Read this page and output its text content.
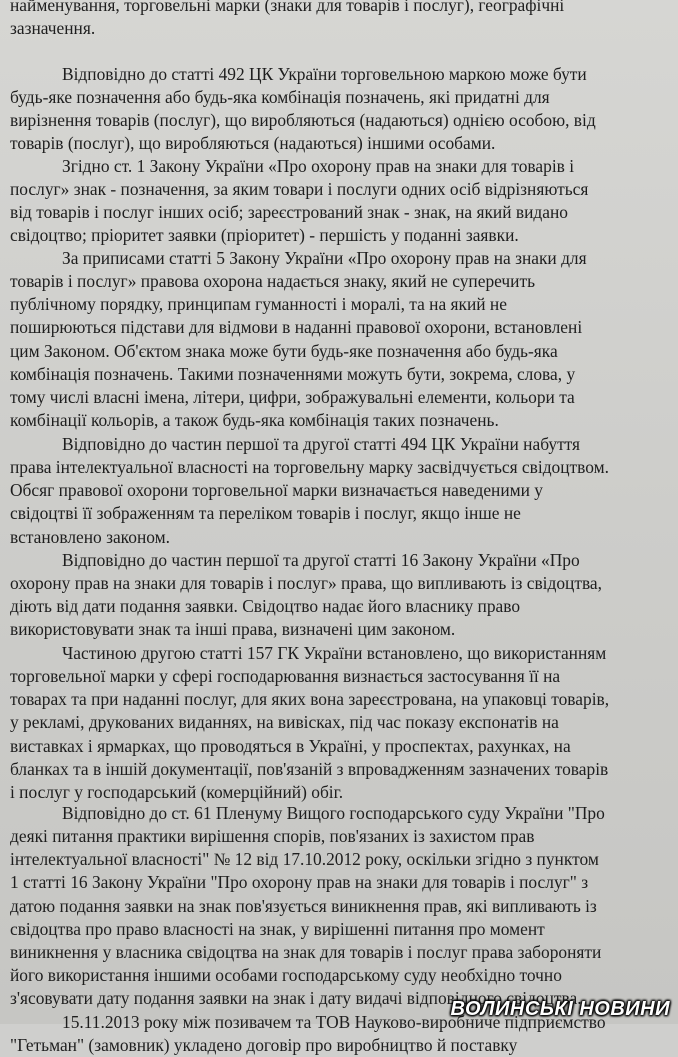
найменування, торговельні марки (знаки для товарів і послуг), географічні
зазначення.
Відповідно до статті 492 ЦК України торговельною маркою може бути
будь-яке позначення або будь-яка комбінація позначень, які придатні для
вирізнення товарів (послуг), що виробляються (надаються) однією особою, від
товарів (послуг), що виробляються (надаються) іншими особами.
Згідно ст. 1 Закону України «Про охорону прав на знаки для товарів і
послуг» знак - позначення, за яким товари і послуги одних осіб відрізняються
від товарів і послуг інших осіб; зареєстрований знак - знак, на який видано
свідоцтво; пріоритет заявки (пріоритет) - першість у поданні заявки.
За приписами статті 5 Закону України «Про охорону прав на знаки для
товарів і послуг» правова охорона надається знаку, який не суперечить
публічному порядку, принципам гуманності і моралі, та на який не
поширюються підстави для відмови в наданні правової охорони, встановлені
цим Законом. Об'єктом знака може бути будь-яке позначення або будь-яка
комбінація позначень. Такими позначеннями можуть бути, зокрема, слова, у
тому числі власні імена, літери, цифри, зображувальні елементи, кольори та
комбінації кольорів, а також будь-яка комбінація таких позначень.
Відповідно до частин першої та другої статті 494 ЦК України набуття
права інтелектуальної власності на торговельну марку засвідчується свідоцтвом.
Обсяг правової охорони торговельної марки визначається наведеними у
свідоцтві її зображенням та переліком товарів і послуг, якщо інше не
встановлено законом.
Відповідно до частин першої та другої статті 16 Закону України «Про
охорону прав на знаки для товарів і послуг» права, що випливають із свідоцтва,
діють від дати подання заявки. Свідоцтво надає його власнику право
використовувати знак та інші права, визначені цим законом.
Частиною другою статті 157 ГК України встановлено, що використанням
торговельної марки у сфері господарювання визнається застосування її на
товарах та при наданні послуг, для яких вона зареєстрована, на упаковці товарів,
у рекламі, друкованих виданнях, на вивісках, під час показу експонатів на
виставках і ярмарках, що проводяться в Україні, у проспектах, рахунках, на
бланках та в іншій документації, пов'язаній з впровадженням зазначених товарів
і послуг у господарський (комерційний) обіг.
Відповідно до ст. 61 Пленуму Вищого господарського суду України "Про
деякі питання практики вирішення спорів, пов'язаних із захистом прав
інтелектуальної власності" № 12 від 17.10.2012 року, оскільки згідно з пунктом
1 статті 16 Закону України "Про охорону прав на знаки для товарів і послуг" з
датою подання заявки на знак пов'язується виникнення прав, які випливають із
свідоцтва про право власності на знак, у вирішенні питання про момент
виникнення у власника свідоцтва на знак для товарів і послуг права забороняти
його використання іншими особами господарському суду необхідно точно
з'ясовувати дату подання заявки на знак і дату видачі відповідного свідоцтва.
15.11.2013 року між позивачем та ТОВ Науково-виробниче підприємство
"Гетьман" (замовник) укладено договір про виробництво й поставку
ВОЛИНСЬКІ НОВИНИ
